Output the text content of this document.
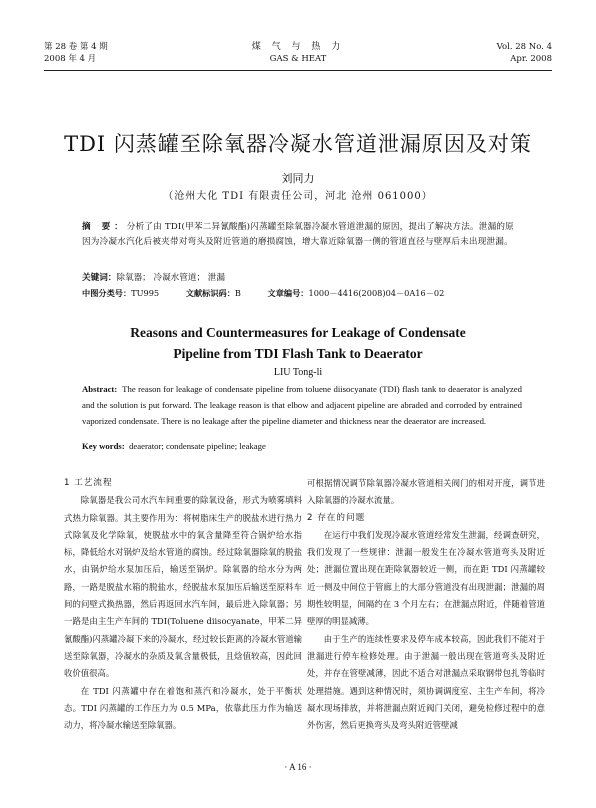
第 28 卷 第 4 期
2008 年 4 月
煤 气 与 热 力
GAS & HEAT
Vol. 28 No. 4
Apr. 2008
TDI 闪蒸罐至除氧器冷凝水管道泄漏原因及对策
刘同力
（沧州大化 TDI 有限责任公司，河北 沧州 061000）
摘 要：分析了由 TDI(甲苯二异氰酸酯)闪蒸罐至除氧器冷凝水管道泄漏的原因，提出了解决方法。泄漏的原因为冷凝水汽化后被夹带对弯头及附近管道的磨损腐蚀，增大靠近除氧器一侧的管道直径与壁厚后未出现泄漏。
关键词：除氧器； 冷凝水管道； 泄漏
中图分类号：TU995	文献标识码：B	文章编号：1000－4416(2008)04－0A16－02
Reasons and Countermeasures for Leakage of Condensate
Pipeline from TDI Flash Tank to Deaerator
LIU Tong-li
Abstract: The reason for leakage of condensate pipeline from toluene diisocyanate (TDI) flash tank to deaerator is analyzed and the solution is put forward. The leakage reason is that elbow and adjacent pipeline are abraded and corroded by entrained vaporized condensate. There is no leakage after the pipeline diameter and thickness near the deaerator are increased.
Key words: deaerator; condensate pipeline; leakage

1 工艺流程

除氧器是我公司水汽车间重要的除氧设备，形式为喷雾填料式热力除氧器。其主要作用为：将树脂床生产的脱盐水进行热力式除氧及化学除氧，使脱盐水中的氧含量降至符合锅炉给水指标，降低给水对锅炉及给水管道的腐蚀。经过除氧器除氧的脱盐水，由锅炉给水泵加压后，输送至锅炉。除氧器的给水分为两路，一路是脱盐水箱的脱盐水，经脱盐水泵加压后输送至原料车间的问壁式换热器，然后再返回水汽车间，最后进入除氧器；另一路是由主生产车间的 TDI(Toluene diisocyanate，甲苯二异氰酸酯)闪蒸罐冷凝下来的冷凝水，经过较长距离的冷凝水管道输送至除氧器，冷凝水的杂质及氧含量极低，且焓值较高，因此回收价值很高。

在 TDI 闪蒸罐中存在着饱和蒸汽和冷凝水，处于平衡状态。TDI 闪蒸罐的工作压力为 0.5 MPa，依靠此压力作为输送动力，将冷凝水输送至除氧器。

可根据情况调节除氧器冷凝水管道相关阀门的相对开度，调节进入除氧器的冷凝水流量。

2 存在的问题

在运行中我们发现冷凝水管道经常发生泄漏，经调查研究，我们发现了一些规律：泄漏一般发生在冷凝水管道弯头及附近处；泄漏位置出现在距除氧器较近一侧，而在距 TDI 闪蒸罐较近一侧及中间位于管廊上的大部分管道没有出现泄漏；泄漏的周期性较明显，间隔约在 3 个月左右；在泄漏点附近，伴随着管道壁厚的明显减薄。

由于生产的连续性要求及停车成本较高，因此我们不能对于泄漏进行停车检修处理。由于泄漏一般出现在管道弯头及附近处，并存在管壁减薄，因此不适合对泄漏点采取钢带包扎等临时处理措施。遇到这种情况时，须协调调度室、主生产车间，将冷凝水现场排放，并将泄漏点附近阀门关闭，避免检修过程中的意外伤害，然后更换弯头及弯头附近管壁减

· A 16 ·
